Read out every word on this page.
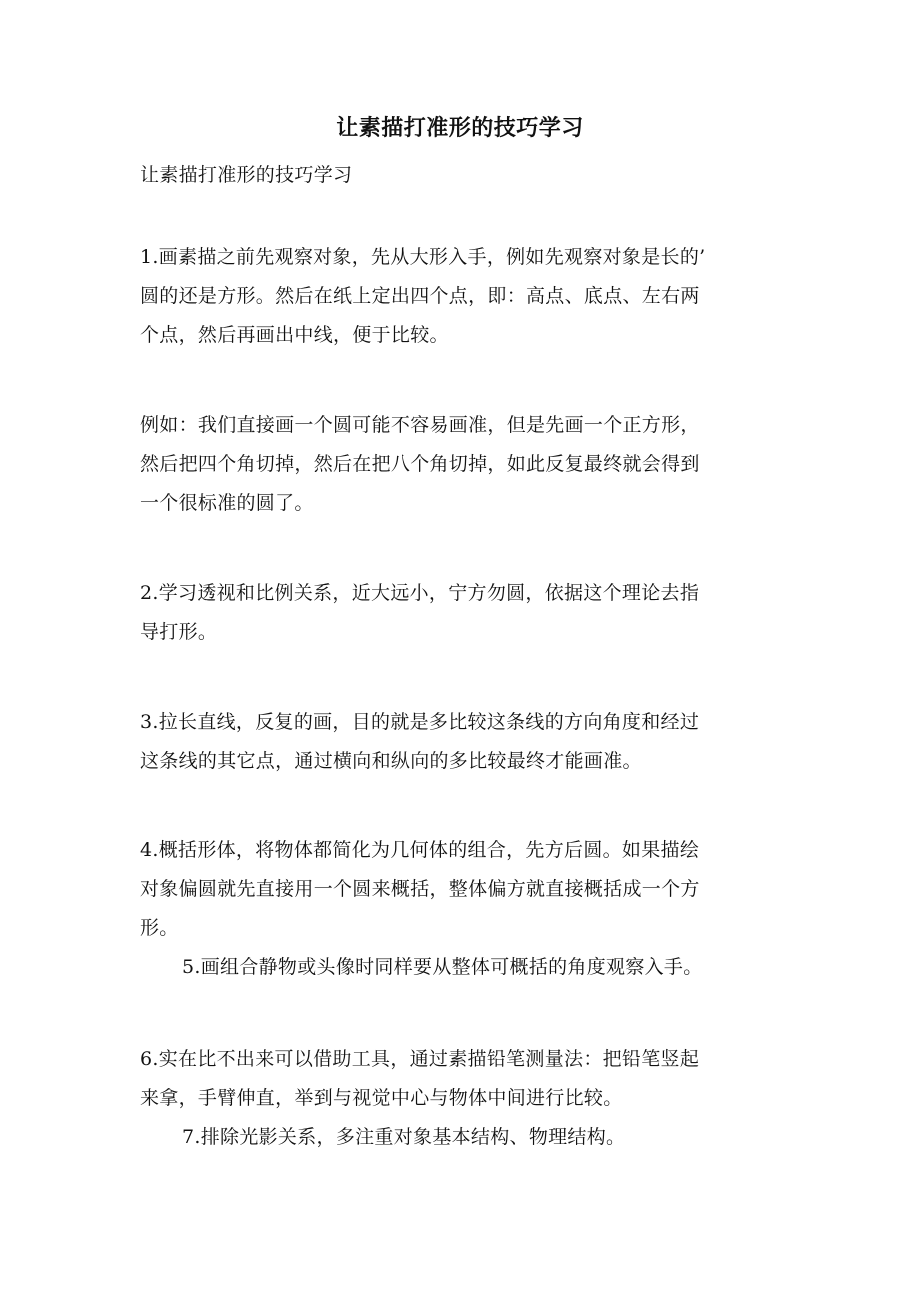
让素描打准形的技巧学习

让素描打准形的技巧学习

1.画素描之前先观察对象，先从大形入手，例如先观察对象是长的’

圆的还是方形。然后在纸上定出四个点，即：高点、底点、左右两

个点，然后再画出中线，便于比较。

例如：我们直接画一个圆可能不容易画准，但是先画一个正方形，

然后把四个角切掉，然后在把八个角切掉，如此反复最终就会得到

一个很标准的圆了。

2.学习透视和比例关系，近大远小，宁方勿圆，依据这个理论去指

导打形。

3.拉长直线，反复的画，目的就是多比较这条线的方向角度和经过

这条线的其它点，通过横向和纵向的多比较最终才能画准。

4.概括形体，将物体都简化为几何体的组合，先方后圆。如果描绘

对象偏圆就先直接用一个圆来概括，整体偏方就直接概括成一个方

形。

5.画组合静物或头像时同样要从整体可概括的角度观察入手。

6.实在比不出来可以借助工具，通过素描铅笔测量法：把铅笔竖起

来拿，手臂伸直，举到与视觉中心与物体中间进行比较。

7.排除光影关系，多注重对象基本结构、物理结构。
